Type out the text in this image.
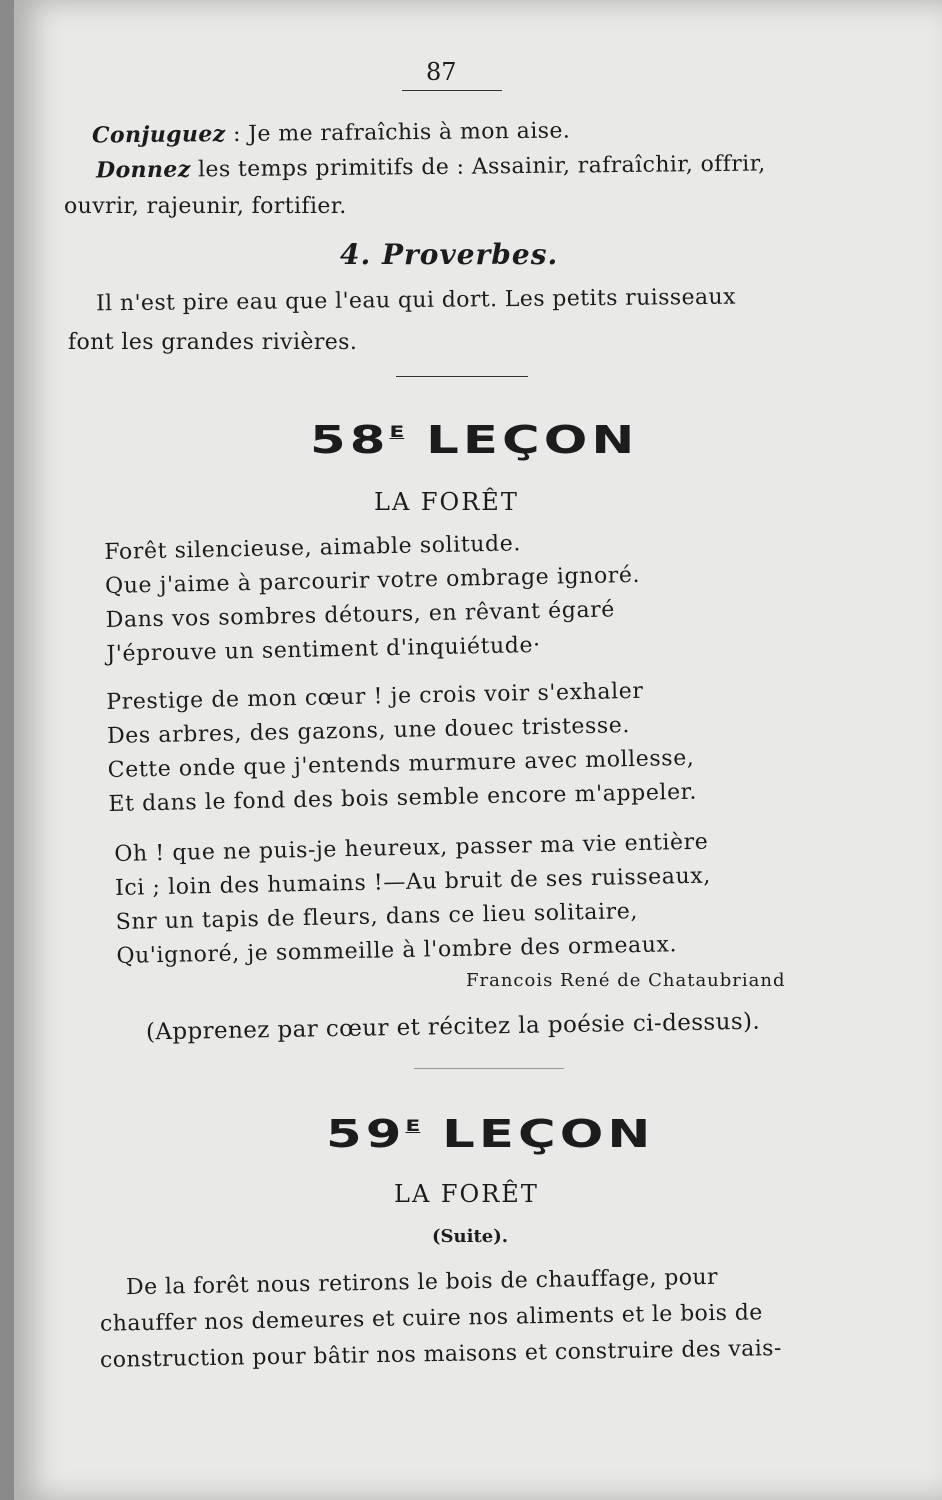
87
Conjuguez : Je me rafraîchis à mon aise.
Donnez les temps primitifs de : Assainir, rafraîchir, offrir,
ouvrir, rajeunir, fortifier.
4. Proverbes.
Il n'est pire eau que l'eau qui dort. Les petits ruisseaux
font les grandes rivières.
$58^E$ LEÇON
LA FORÊT
Forêt silencieuse, aimable solitude.
Que j'aime à parcourir votre ombrage ignoré.
Dans vos sombres détours, en rêvant égaré
J'éprouve un sentiment d'inquiétude·
Prestige de mon cœur ! je crois voir s'exhaler
Des arbres, des gazons, une douec tristesse.
Cette onde que j'entends murmure avec mollesse,
Et dans le fond des bois semble encore m'appeler.
Oh ! que ne puis-je heureux, passer ma vie entière
Ici ; loin des humains !—Au bruit de ses ruisseaux,
Snr un tapis de fleurs, dans ce lieu solitaire,
Qu'ignoré, je sommeille à l'ombre des ormeaux.
Francois René de Chataubriand
(Apprenez par cœur et récitez la poésie ci-dessus).
$59^E$ LEÇON
LA FORÊT
(Suite).
De la forêt nous retirons le bois de chauffage, pour
chauffer nos demeures et cuire nos aliments et le bois de
construction pour bâtir nos maisons et construire des vais-
